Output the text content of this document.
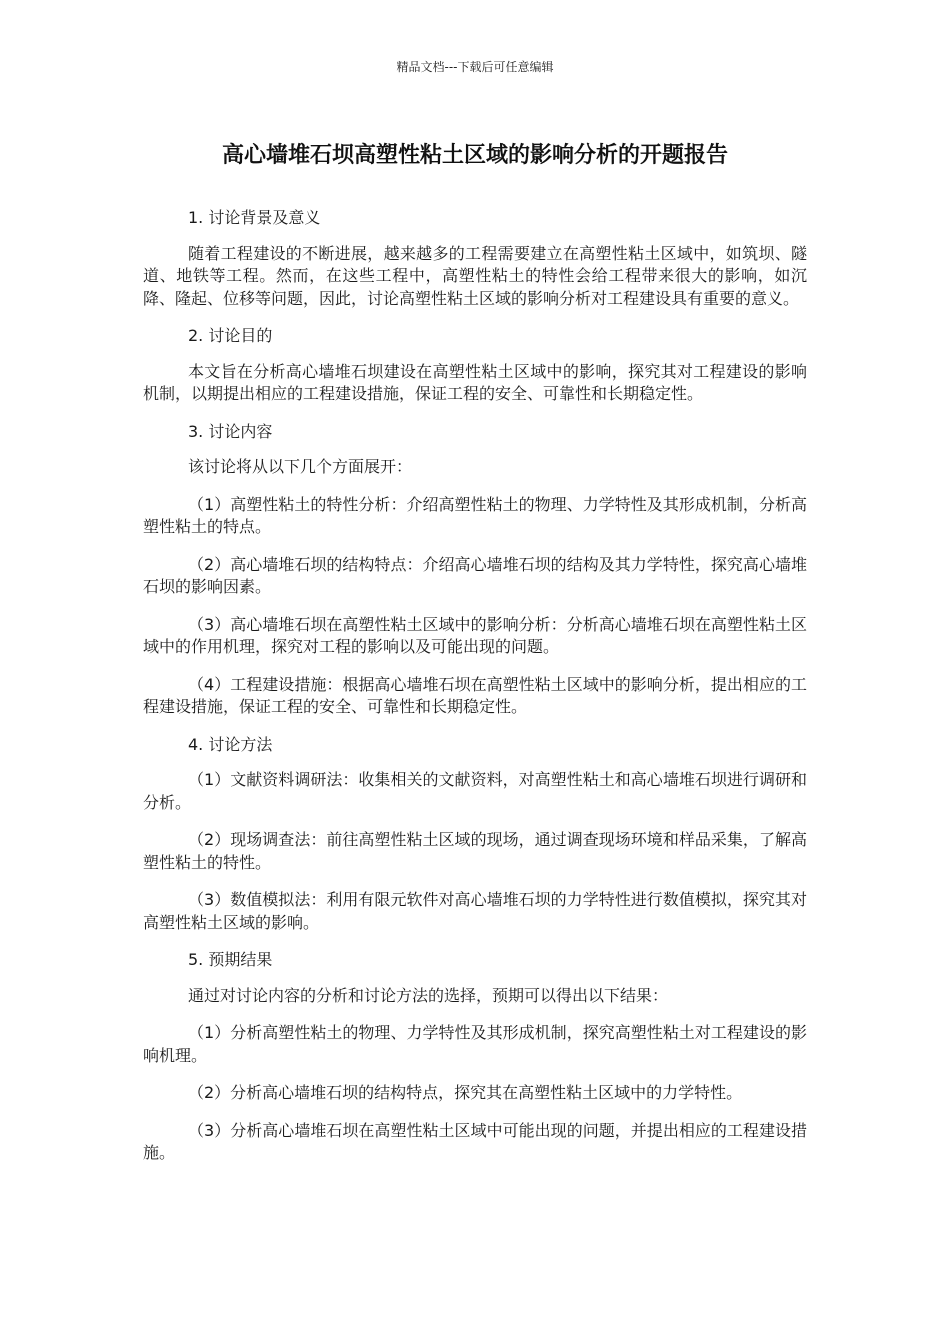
精品文档---下载后可任意编辑
高心墙堆石坝高塑性粘土区域的影响分析的开题报告

1. 讨论背景及意义

随着工程建设的不断进展，越来越多的工程需要建立在高塑性粘土区域中，如筑坝、隧道、地铁等工程。然而，在这些工程中，高塑性粘土的特性会给工程带来很大的影响，如沉降、隆起、位移等问题，因此，讨论高塑性粘土区域的影响分析对工程建设具有重要的意义。

2. 讨论目的

本文旨在分析高心墙堆石坝建设在高塑性粘土区域中的影响，探究其对工程建设的影响机制，以期提出相应的工程建设措施，保证工程的安全、可靠性和长期稳定性。

3. 讨论内容

该讨论将从以下几个方面展开：

（1）高塑性粘土的特性分析：介绍高塑性粘土的物理、力学特性及其形成机制，分析高塑性粘土的特点。

（2）高心墙堆石坝的结构特点：介绍高心墙堆石坝的结构及其力学特性，探究高心墙堆石坝的影响因素。

（3）高心墙堆石坝在高塑性粘土区域中的影响分析：分析高心墙堆石坝在高塑性粘土区域中的作用机理，探究对工程的影响以及可能出现的问题。

（4）工程建设措施：根据高心墙堆石坝在高塑性粘土区域中的影响分析，提出相应的工程建设措施，保证工程的安全、可靠性和长期稳定性。

4. 讨论方法

（1）文献资料调研法：收集相关的文献资料，对高塑性粘土和高心墙堆石坝进行调研和分析。

（2）现场调查法：前往高塑性粘土区域的现场，通过调查现场环境和样品采集，了解高塑性粘土的特性。

（3）数值模拟法：利用有限元软件对高心墙堆石坝的力学特性进行数值模拟，探究其对高塑性粘土区域的影响。

5. 预期结果

通过对讨论内容的分析和讨论方法的选择，预期可以得出以下结果：

（1）分析高塑性粘土的物理、力学特性及其形成机制，探究高塑性粘土对工程建设的影响机理。

（2）分析高心墙堆石坝的结构特点，探究其在高塑性粘土区域中的力学特性。

（3）分析高心墙堆石坝在高塑性粘土区域中可能出现的问题，并提出相应的工程建设措施。
